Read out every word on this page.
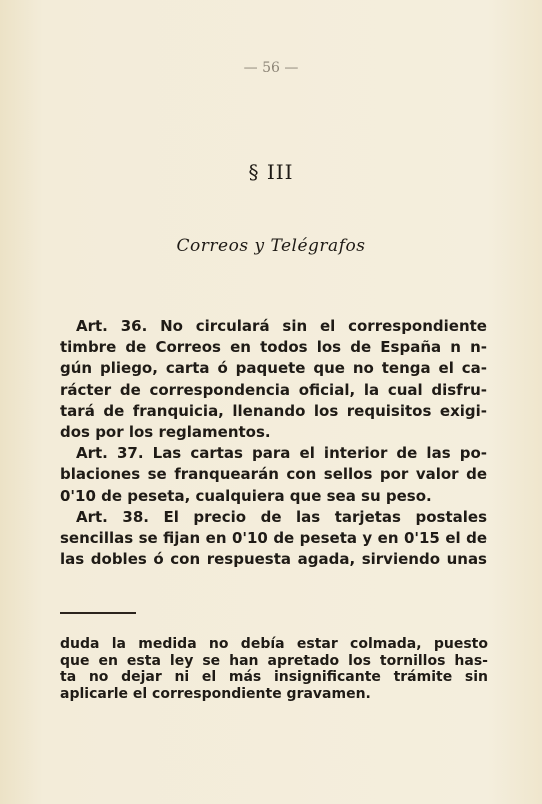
— 56 —
§ III
Correos y Telégrafos
Art. 36. No circulará sin el correspondiente
timbre de Correos en todos los de España n n-
gún pliego, carta ó paquete que no tenga el ca-
rácter de correspondencia oficial, la cual disfru-
tará de franquicia, llenando los requisitos exigi-
dos por los reglamentos.
Art. 37. Las cartas para el interior de las po-
blaciones se franquearán con sellos por valor de
0'10 de peseta, cualquiera que sea su peso.
Art. 38. El precio de las tarjetas postales
sencillas se fijan en 0'10 de peseta y en 0'15 el de
las dobles ó con respuesta agada, sirviendo unas
duda la medida no debía estar colmada, puesto
que en esta ley se han apretado los tornillos has-
ta no dejar ni el más insignificante trámite sin
aplicarle el correspondiente gravamen.
